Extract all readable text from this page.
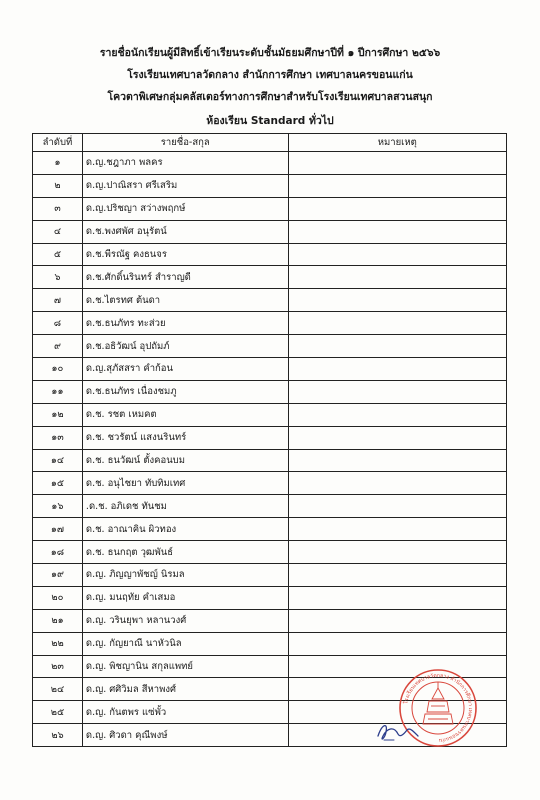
รายชื่อนักเรียนผู้มีสิทธิ์เข้าเรียนระดับชั้นมัธยมศึกษาปีที่ ๑ ปีการศึกษา ๒๕๖๖
โรงเรียนเทศบาลวัดกลาง สำนักการศึกษา เทศบาลนครขอนแก่น
โควตาพิเศษกลุ่มคลัสเตอร์ทางการศึกษาสำหรับโรงเรียนเทศบาลสวนสนุก
ห้องเรียน Standard ทั่วไป
ลำดับที่	รายชื่อ-สกุล	หมายเหตุ
๑	ด.ญ.ชฎาภา พลคร	
๒	ด.ญ.ปาณิสรา ศรีเสริม	
๓	ด.ญ.ปริชญา สว่างพฤกษ์	
๔	ด.ช.พงศพัศ อนุรัตน์	
๕	ด.ช.พีรณัฐ คงธนจร	
๖	ด.ช.ศักดิ์นรินทร์ สำราญดี	
๗	ด.ช.ไตรทศ ต้นดา	
๘	ด.ช.ธนภัทร ทะส่วย	
๙	ด.ช.อธิวัฒน์ อุปถัมภ์	
๑๐	ด.ญ.สุภัสสรา คำก้อน	
๑๑	ด.ช.ธนภัทร เนื่องชมภู	
๑๒	ด.ช. รชต เหมคต	
๑๓	ด.ช. ชวรัตน์ แสงนรินทร์	
๑๔	ด.ช. ธนวัฒน์ ตั้งคอนบม	
๑๕	ด.ช. อนุไชยา ทับทิมเทศ	
๑๖	.ด.ช. อภิเดช ทันชม	
๑๗	ด.ช. อาณาคิน ผิวทอง	
๑๘	ด.ช. ธนกฤต วุฒพันธ์	
๑๙	ด.ญ. ภิญญาพัชญ์ นิรมล	
๒๐	ด.ญ. มนฤทัย คำเสมอ	
๒๑	ด.ญ. วรินยุพา หลานวงศ์	
๒๒	ด.ญ. กัญยาณี นาหัวนิล	
๒๓	ด.ญ. พิชญานิน สกุลแพทย์	
๒๔	ด.ญ. ศศิวิมล สีหาพงศ์	
๒๕	ด.ญ. กันตพร แซ่พั้ว	
๒๖	ด.ญ. ศิวดา คุณีพงษ์	
โรงเรียนเทศบาลวัดกลาง สำนักการศึกษา เทศบาลนครขอนแก่น
